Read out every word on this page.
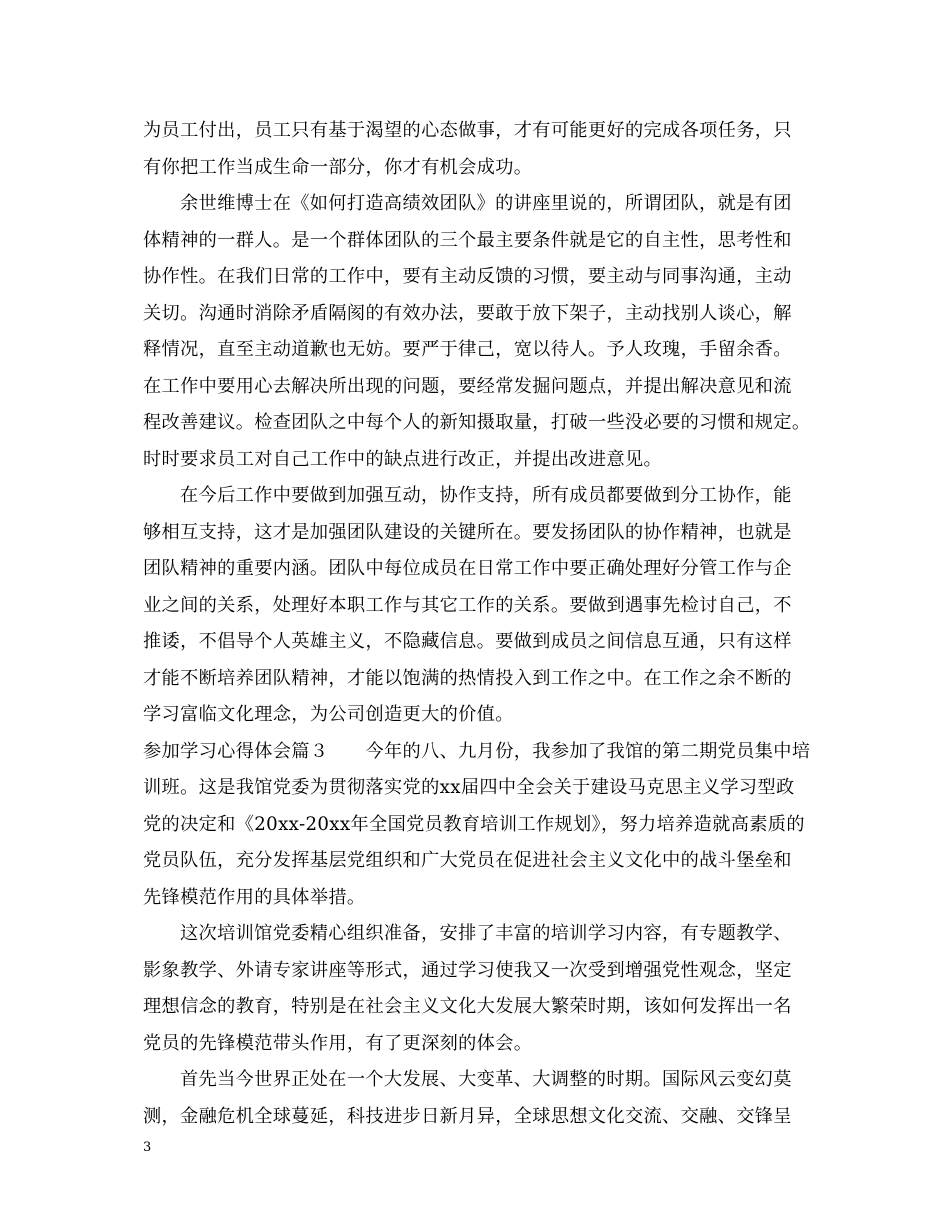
为员工付出，员工只有基于渴望的心态做事，才有可能更好的完成各项任务，只
有你把工作当成生命一部分，你才有机会成功。
余世维博士在《如何打造高绩效团队》的讲座里说的，所谓团队，就是有团
体精神的一群人。是一个群体团队的三个最主要条件就是它的自主性，思考性和
协作性。在我们日常的工作中，要有主动反馈的习惯，要主动与同事沟通，主动
关切。沟通时消除矛盾隔阂的有效办法，要敢于放下架子，主动找别人谈心，解
释情况，直至主动道歉也无妨。要严于律己，宽以待人。予人玫瑰，手留余香。
在工作中要用心去解决所出现的问题，要经常发掘问题点，并提出解决意见和流
程改善建议。检查团队之中每个人的新知摄取量，打破一些没必要的习惯和规定。
时时要求员工对自己工作中的缺点进行改正，并提出改进意见。
在今后工作中要做到加强互动，协作支持，所有成员都要做到分工协作，能
够相互支持，这才是加强团队建设的关键所在。要发扬团队的协作精神，也就是
团队精神的重要内涵。团队中每位成员在日常工作中要正确处理好分管工作与企
业之间的关系，处理好本职工作与其它工作的关系。要做到遇事先检讨自己，不
推诿，不倡导个人英雄主义，不隐藏信息。要做到成员之间信息互通，只有这样
才能不断培养团队精神，才能以饱满的热情投入到工作之中。在工作之余不断的
学习富临文化理念，为公司创造更大的价值。
参加学习心得体会篇３　　今年的八、九月份，我参加了我馆的第二期党员集中培
训班。这是我馆党委为贯彻落实党的xx届四中全会关于建设马克思主义学习型政
党的决定和《20xx-20xx年全国党员教育培训工作规划》，努力培养造就高素质的
党员队伍，充分发挥基层党组织和广大党员在促进社会主义文化中的战斗堡垒和
先锋模范作用的具体举措。
这次培训馆党委精心组织准备，安排了丰富的培训学习内容，有专题教学、
影象教学、外请专家讲座等形式，通过学习使我又一次受到增强党性观念，坚定
理想信念的教育，特别是在社会主义文化大发展大繁荣时期，该如何发挥出一名
党员的先锋模范带头作用，有了更深刻的体会。
首先当今世界正处在一个大发展、大变革、大调整的时期。国际风云变幻莫
测，金融危机全球蔓延，科技进步日新月异，全球思想文化交流、交融、交锋呈
3
